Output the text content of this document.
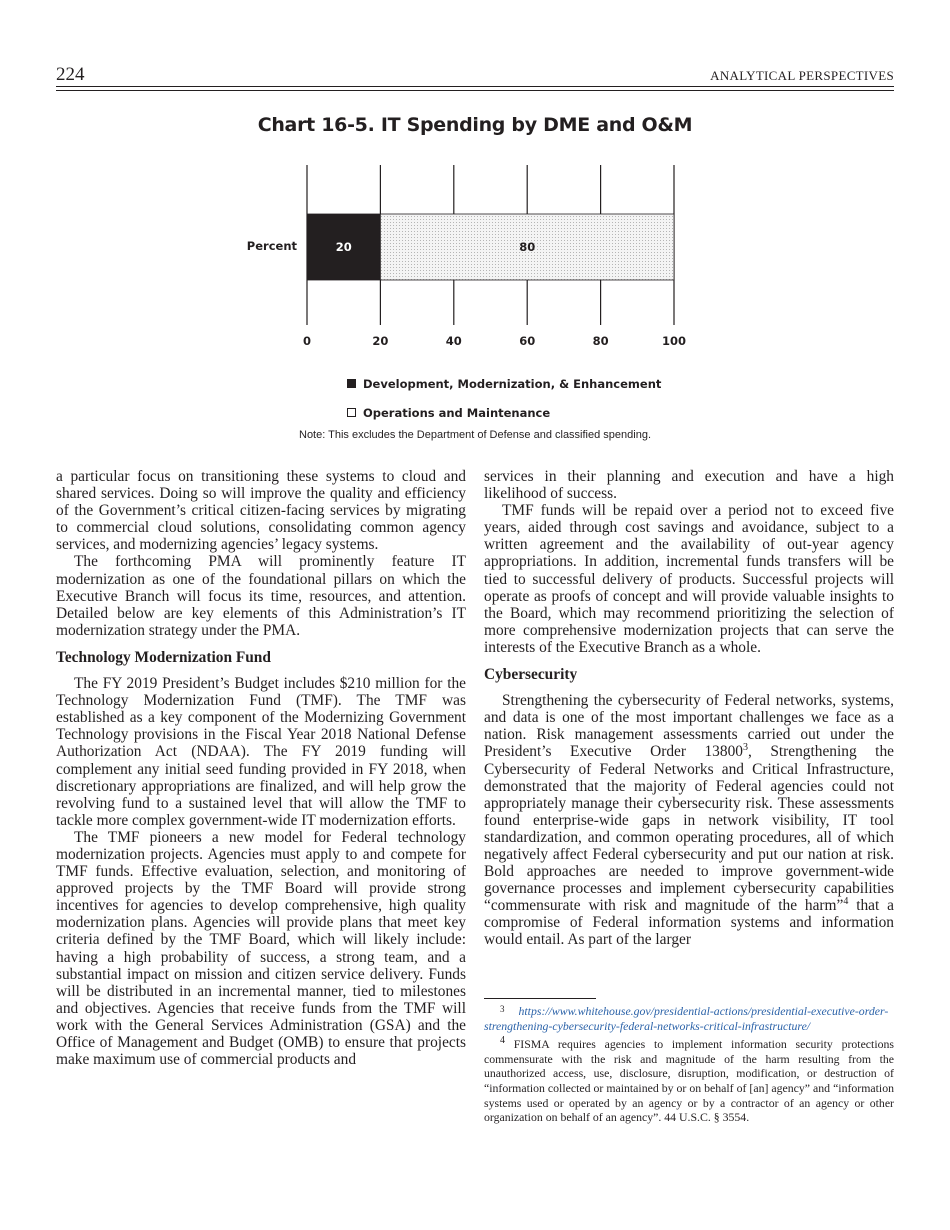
224	ANALYTICAL PERSPECTIVES
Chart 16-5. IT Spending by DME and O&M
20	80
0	20	40	60	80	100
Percent
Development, Modernization, & Enhancement
Operations and Maintenance
Note: This excludes the Department of Defense and classified spending.

a particular focus on transitioning these systems to cloud and shared services. Doing so will improve the quality and efficiency of the Government’s critical citizen-facing services by migrating to commercial cloud solutions, consolidating common agency services, and modernizing agencies’ legacy systems.

The forthcoming PMA will prominently feature IT modernization as one of the foundational pillars on which the Executive Branch will focus its time, resources, and attention. Detailed below are key elements of this Administration’s IT modernization strategy under the PMA.

Technology Modernization Fund

The FY 2019 President’s Budget includes $210 million for the Technology Modernization Fund (TMF). The TMF was established as a key component of the Modernizing Government Technology provisions in the Fiscal Year 2018 National Defense Authorization Act (NDAA). The FY 2019 funding will complement any initial seed funding provided in FY 2018, when discretionary appropriations are finalized, and will help grow the revolving fund to a sustained level that will allow the TMF to tackle more complex government-wide IT modernization efforts.

The TMF pioneers a new model for Federal technology modernization projects. Agencies must apply to and compete for TMF funds. Effective evaluation, selection, and monitoring of approved projects by the TMF Board will provide strong incentives for agencies to develop comprehensive, high quality modernization plans. Agencies will provide plans that meet key criteria defined by the TMF Board, which will likely include: having a high probability of success, a strong team, and a substantial impact on mission and citizen service delivery. Funds will be distributed in an incremental manner, tied to milestones and objectives. Agencies that receive funds from the TMF will work with the General Services Administration (GSA) and the Office of Management and Budget (OMB) to ensure that projects make maximum use of commercial products and

services in their planning and execution and have a high likelihood of success.

TMF funds will be repaid over a period not to exceed five years, aided through cost savings and avoidance, subject to a written agreement and the availability of out-year agency appropriations. In addition, incremental funds transfers will be tied to successful delivery of products. Successful projects will operate as proofs of concept and will provide valuable insights to the Board, which may recommend prioritizing the selection of more comprehensive modernization projects that can serve the interests of the Executive Branch as a whole.

Cybersecurity

Strengthening the cybersecurity of Federal networks, systems, and data is one of the most important challenges we face as a nation. Risk management assessments carried out under the President’s Executive Order 13800$^3$, Strengthening the Cybersecurity of Federal Networks and Critical Infrastructure, demonstrated that the majority of Federal agencies could not appropriately manage their cybersecurity risk. These assessments found enterprise-wide gaps in network visibility, IT tool standardization, and common operating procedures, all of which negatively affect Federal cybersecurity and put our nation at risk. Bold approaches are needed to improve government-wide governance processes and implement cybersecurity capabilities “commensurate with risk and magnitude of the harm”$^4$ that a compromise of Federal information systems and information would entail. As part of the larger

$^3$ https://www.whitehouse.gov/presidential-actions/presidential-executive-order-strengthening-cybersecurity-federal-networks-critical-infrastructure/

$^4$ FISMA requires agencies to implement information security protections commensurate with the risk and magnitude of the harm resulting from the unauthorized access, use, disclosure, disruption, modification, or destruction of “information collected or maintained by or on behalf of [an] agency” and “information systems used or operated by an agency or by a contractor of an agency or other organization on behalf of an agency”. 44 U.S.C. § 3554.
